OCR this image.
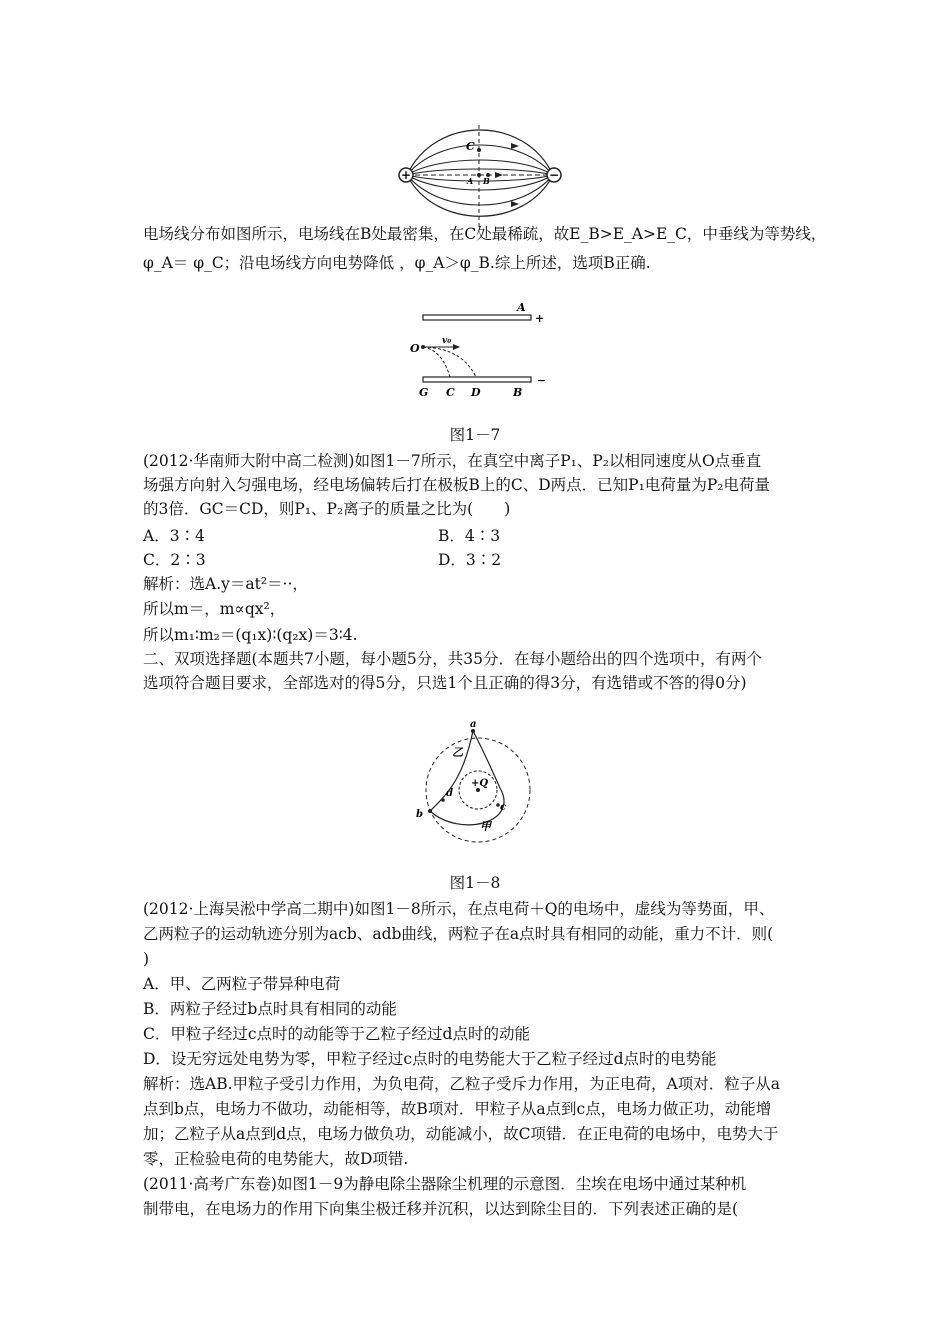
+	−
C
A B
电场线分布如图所示，电场线在B处最密集，在C处最稀疏，故E_B>E_A>E_C，中垂线为等势线，
φ_A＝ φ_C；沿电场线方向电势降低 ，φ_A＞φ_B.综上所述，选项B正确.
A
+
O
v₀
−
G C D	B
图1－7
(2012·华南师大附中高二检测)如图1－7所示，在真空中离子P₁、P₂以相同速度从O点垂直
场强方向射入匀强电场，经电场偏转后打在极板B上的C、D两点．已知P₁电荷量为P₂电荷量
的3倍．GC＝CD，则P₁、P₂离子的质量之比为(　　)
A．3∶4	B．4∶3
C．2∶3	D．3∶2
解析：选A.y＝at²＝··，
所以m＝，m∝qx²，
所以m₁∶m₂＝(q₁x)∶(q₂x)＝3∶4.
二、双项选择题(本题共7小题，每小题5分，共35分．在每小题给出的四个选项中，有两个
选项符合题目要求，全部选对的得5分，只选1个且正确的得3分，有选错或不答的得0分)
a
乙
d
+Q
c
b
甲
图1－8
(2012·上海吴淞中学高二期中)如图1－8所示，在点电荷＋Q的电场中，虚线为等势面，甲、
乙两粒子的运动轨迹分别为acb、adb曲线，两粒子在a点时具有相同的动能，重力不计．则(
)
A．甲、乙两粒子带异种电荷
B．两粒子经过b点时具有相同的动能
C．甲粒子经过c点时的动能等于乙粒子经过d点时的动能
D．设无穷远处电势为零，甲粒子经过c点时的电势能大于乙粒子经过d点时的电势能
解析：选AB.甲粒子受引力作用，为负电荷，乙粒子受斥力作用，为正电荷，A项对．粒子从a
点到b点，电场力不做功，动能相等，故B项对．甲粒子从a点到c点，电场力做正功，动能增
加；乙粒子从a点到d点，电场力做负功，动能减小，故C项错．在正电荷的电场中，电势大于
零，正检验电荷的电势能大，故D项错.
(2011·高考广东卷)如图1－9为静电除尘器除尘机理的示意图．尘埃在电场中通过某种机
制带电，在电场力的作用下向集尘极迁移并沉积，以达到除尘目的．下列表述正确的是(
